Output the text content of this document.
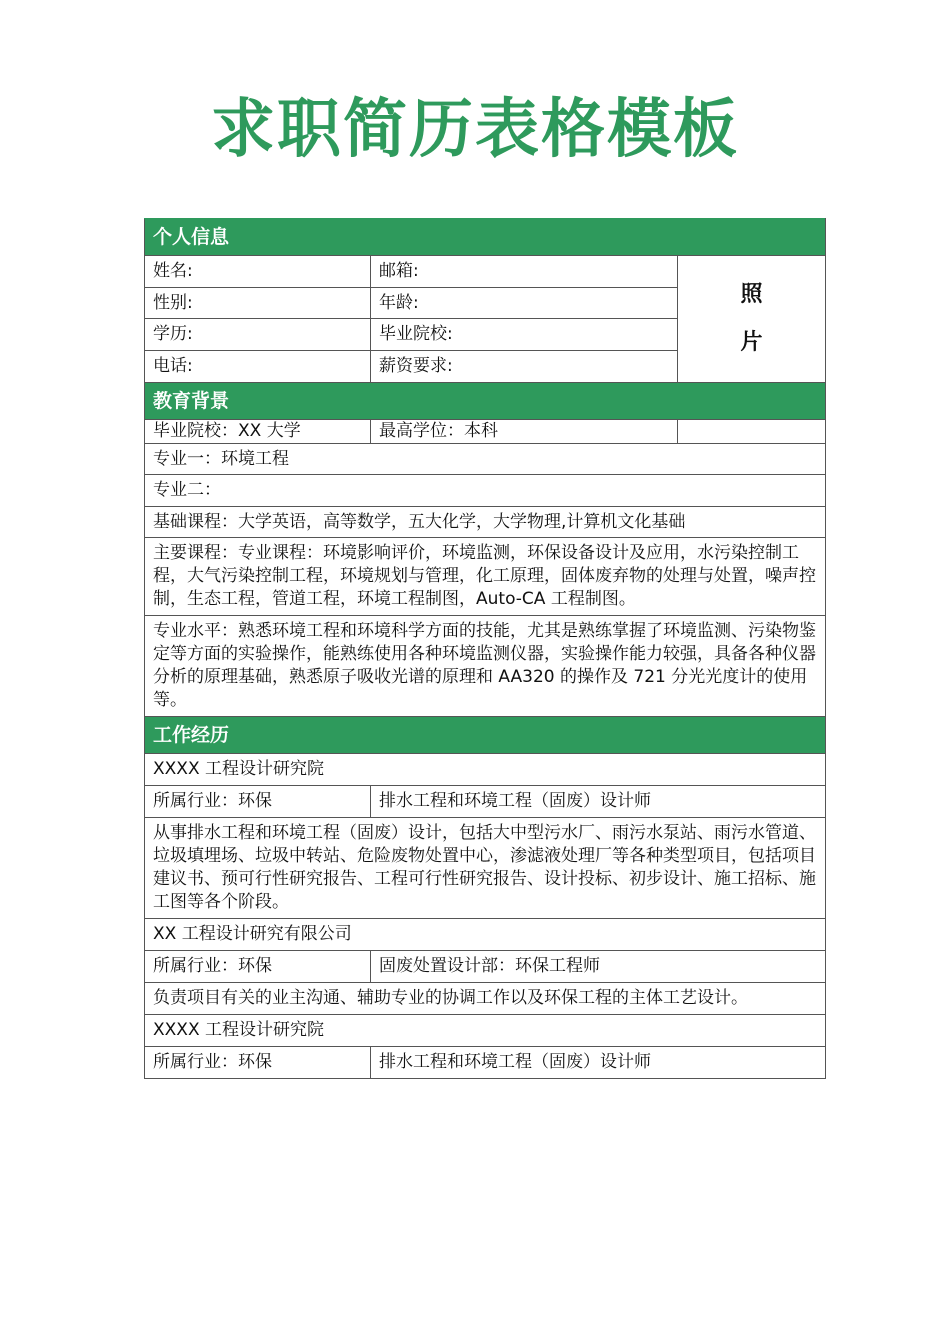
求职简历表格模板
个人信息		
姓名:	邮箱:	照
片

性别:	年龄:	
学历:	毕业院校:	
电话:	薪资要求:	
教育背景		
毕业院校：XX 大学	最高学位：本科	
专业一：环境工程		
专业二：		
基础课程：大学英语，高等数学，五大化学，大学物理,计算机文化基础		
主要课程：专业课程：环境影响评价，环境监测，环保设备设计及应用，水污染控制工程，大气污染控制工程，环境规划与管理，化工原理，固体废弃物的处理与处置，噪声控制，生态工程，管道工程，环境工程制图，Auto-CA 工程制图。		
专业水平：熟悉环境工程和环境科学方面的技能，尤其是熟练掌握了环境监测、污染物鉴定等方面的实验操作，能熟练使用各种环境监测仪器，实验操作能力较强，具备各种仪器分析的原理基础，熟悉原子吸收光谱的原理和 AA320 的操作及 721 分光光度计的使用等。		
工作经历		
XXXX 工程设计研究院		
所属行业：环保	排水工程和环境工程（固废）设计师	
从事排水工程和环境工程（固废）设计，包括大中型污水厂、雨污水泵站、雨污水管道、垃圾填埋场、垃圾中转站、危险废物处置中心，渗滤液处理厂等各种类型项目，包括项目建议书、预可行性研究报告、工程可行性研究报告、设计投标、初步设计、施工招标、施工图等各个阶段。		
XX 工程设计研究有限公司		
所属行业：环保	固废处置设计部：环保工程师	
负责项目有关的业主沟通、辅助专业的协调工作以及环保工程的主体工艺设计。		
XXXX 工程设计研究院		
所属行业：环保	排水工程和环境工程（固废）设计师	
